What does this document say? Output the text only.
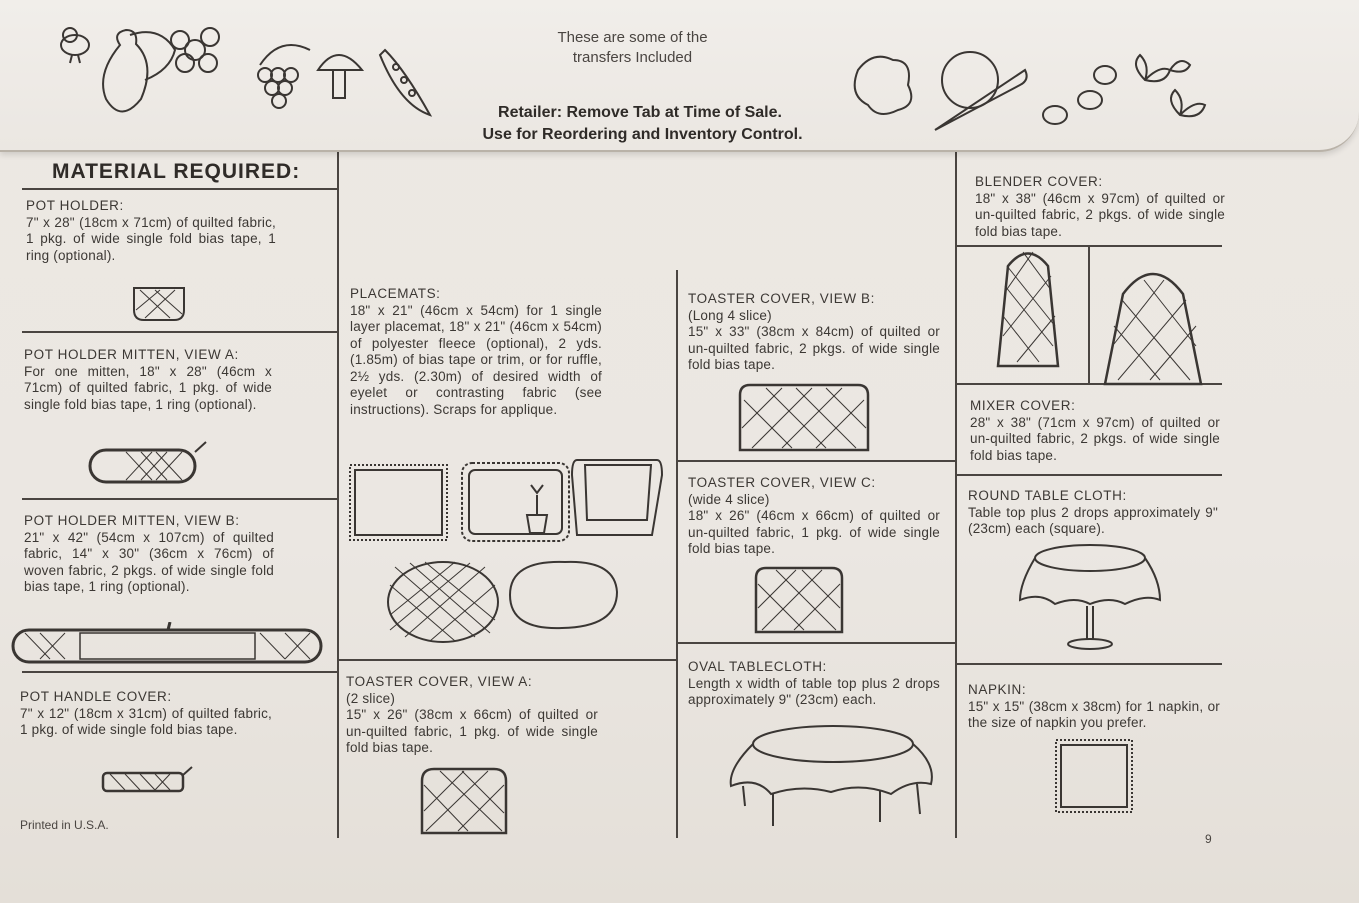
These are some of the
transfers Included
Retailer: Remove Tab at Time of Sale.
Use for Reordering and Inventory Control.
MATERIAL REQUIRED:
POT HOLDER:

7" x 28" (18cm x 71cm) of quilted fabric, 1 pkg. of wide single fold bias tape, 1 ring (optional).

POT HOLDER MITTEN, VIEW A:

For one mitten, 18" x 28" (46cm x 71cm) of quilted fabric, 1 pkg. of wide single fold bias tape, 1 ring (optional).

POT HOLDER MITTEN, VIEW B:

21" x 42" (54cm x 107cm) of quilted fabric, 14" x 30" (36cm x 76cm) of woven fabric, 2 pkgs. of wide single fold bias tape, 1 ring (optional).

POT HANDLE COVER:

7" x 12" (18cm x 31cm) of quilted fabric, 1 pkg. of wide single fold bias tape.

PLACEMATS:

18" x 21" (46cm x 54cm) for 1 single layer placemat, 18" x 21" (46cm x 54cm) of polyester fleece (optional), 2 yds. (1.85m) of bias tape or trim, or for ruffle, 2½ yds. (2.30m) of desired width of eyelet or contrasting fabric (see instructions). Scraps for applique.

TOASTER COVER, VIEW A:
(2 slice)

15" x 26" (38cm x 66cm) of quilted or un-quilted fabric, 1 pkg. of wide single fold bias tape.

TOASTER COVER, VIEW B:
(Long 4 slice)

15" x 33" (38cm x 84cm) of quilted or un-quilted fabric, 2 pkgs. of wide single fold bias tape.

TOASTER COVER, VIEW C:
(wide 4 slice)

18" x 26" (46cm x 66cm) of quilted or un-quilted fabric, 1 pkg. of wide single fold bias tape.

OVAL TABLECLOTH:

Length x width of table top plus 2 drops approximately 9" (23cm) each.

BLENDER COVER:

18" x 38" (46cm x 97cm) of quilted or un-quilted fabric, 2 pkgs. of wide single fold bias tape.

MIXER COVER:

28" x 38" (71cm x 97cm) of quilted or un-quilted fabric, 2 pkgs. of wide single fold bias tape.

ROUND TABLE CLOTH:

Table top plus 2 drops approximately 9" (23cm) each (square).

NAPKIN:

15" x 15" (38cm x 38cm) for 1 napkin, or the size of napkin you prefer.

Printed in U.S.A.
9
